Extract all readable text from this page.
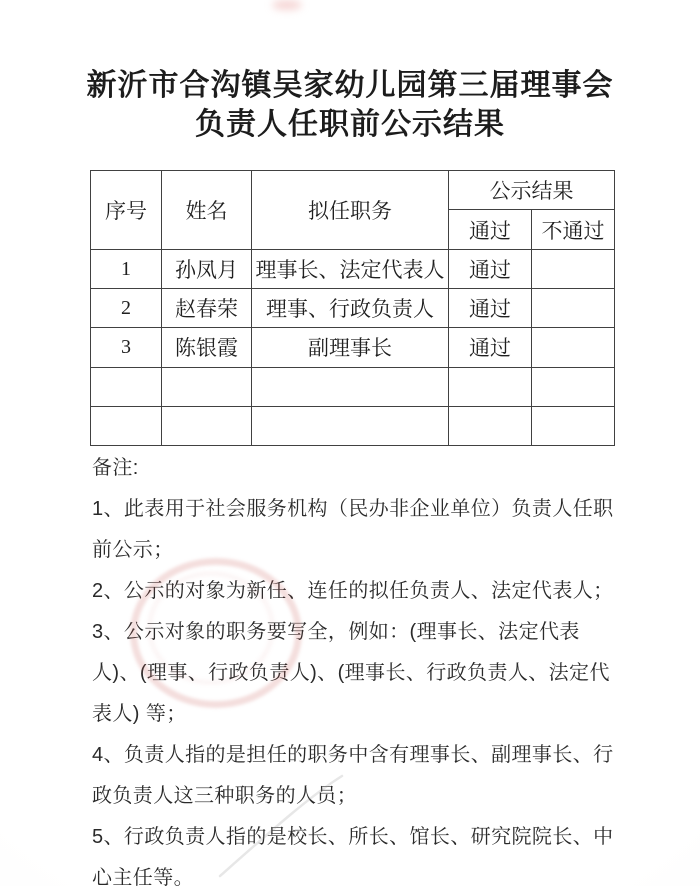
新沂市合沟镇吴家幼儿园第三届理事会
负责人任职前公示结果
序号	姓名	拟任职务	公示结果	
			通过	不通过
1	孙凤月	理事长、法定代表人	通过	
2	赵春荣	理事、行政负责人	通过	
3	陈银霞	副理事长	通过	

备注:

1、此表用于社会服务机构（民办非企业单位）负责人任职前公示；

2、公示的对象为新任、连任的拟任负责人、法定代表人；

3、公示对象的职务要写全，例如：(理事长、法定代表人)、(理事、行政负责人)、(理事长、行政负责人、法定代表人) 等；

4、负责人指的是担任的职务中含有理事长、副理事长、行政负责人这三种职务的人员；

5、行政负责人指的是校长、所长、馆长、研究院院长、中心主任等。
